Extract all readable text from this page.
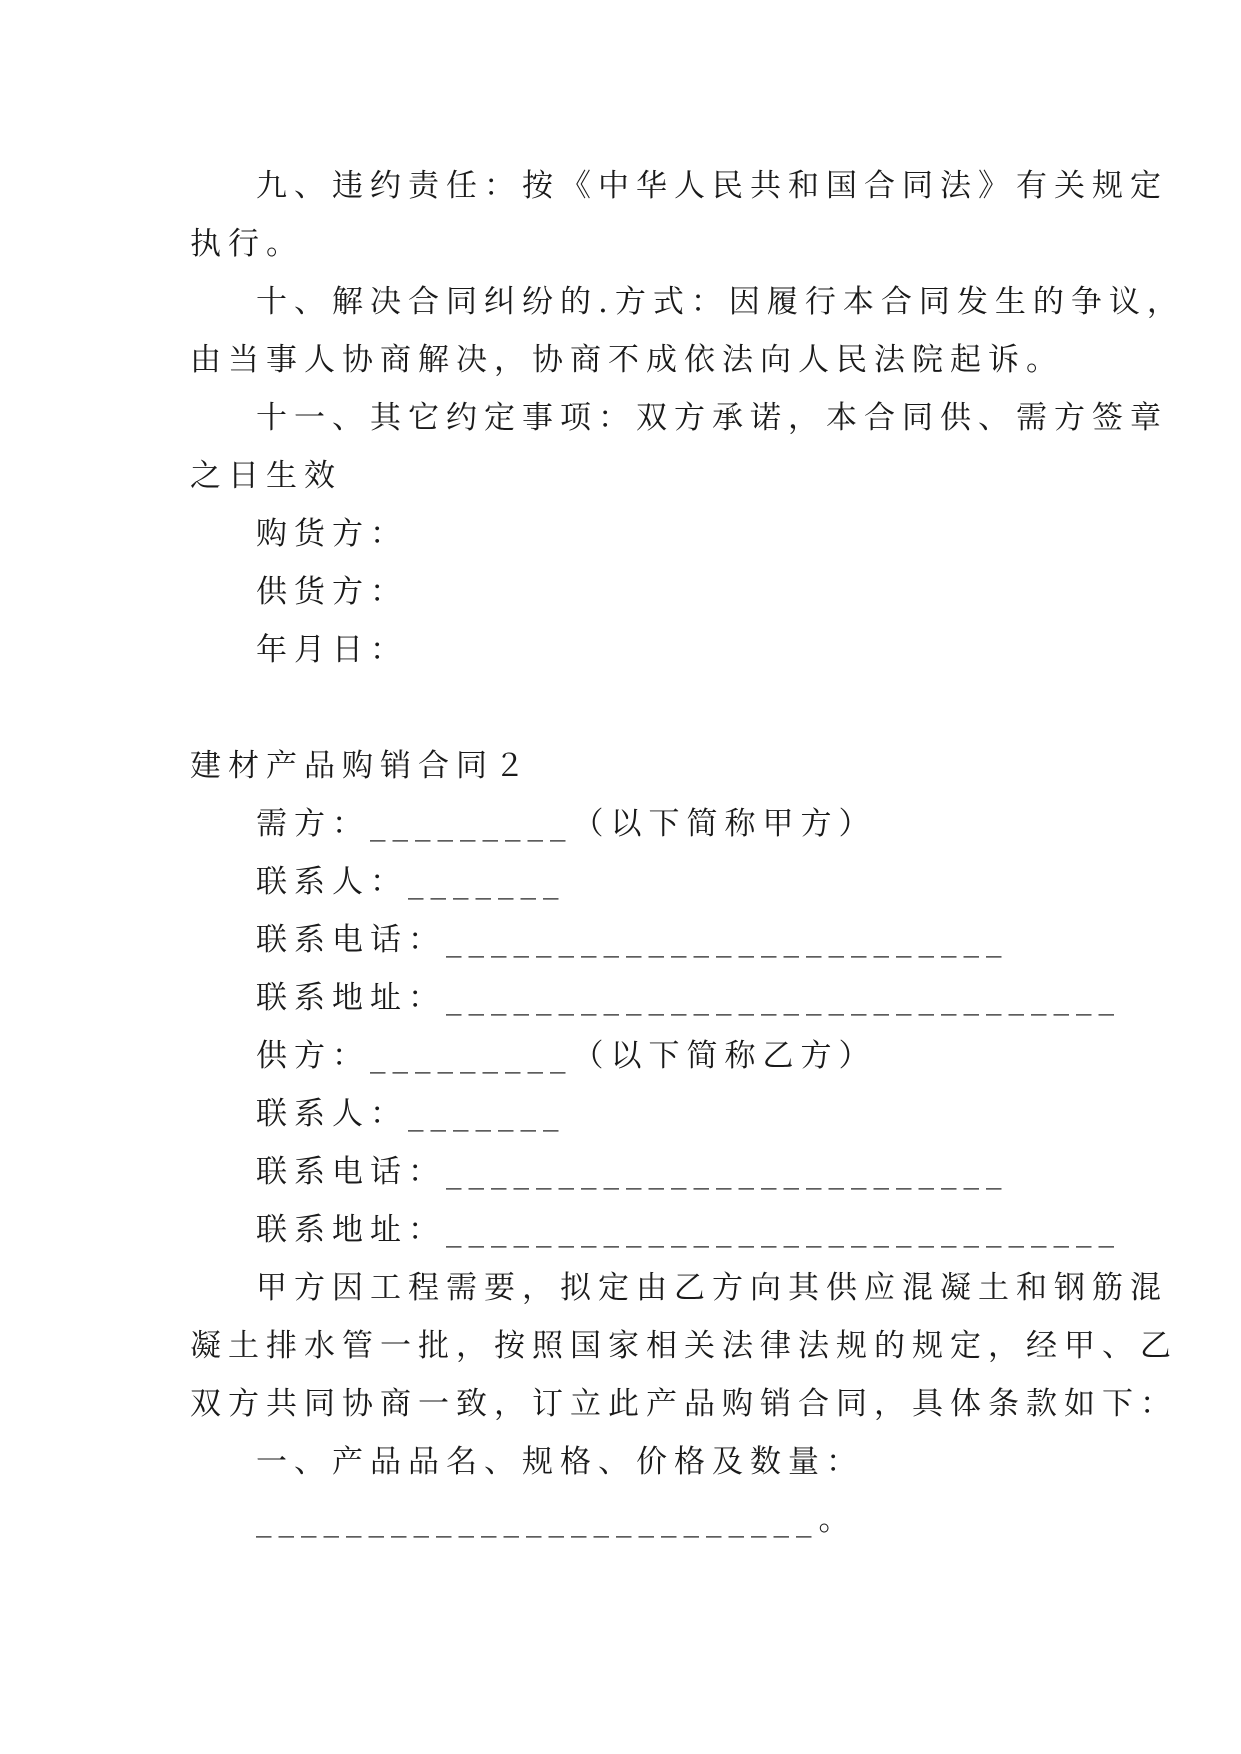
九、违约责任：按《中华人民共和国合同法》有关规定
执行。
十、解决合同纠纷的.方式：因履行本合同发生的争议，
由当事人协商解决，协商不成依法向人民法院起诉。
十一、其它约定事项：双方承诺，本合同供、需方签章
之日生效
购货方：
供货方：
年月日：
建材产品购销合同２
需方：_________（以下简称甲方）
联系人：_______
联系电话：_________________________
联系地址：______________________________
供方：_________（以下简称乙方）
联系人：_______
联系电话：_________________________
联系地址：______________________________
甲方因工程需要，拟定由乙方向其供应混凝土和钢筋混
凝土排水管一批，按照国家相关法律法规的规定，经甲、乙
双方共同协商一致，订立此产品购销合同，具体条款如下：
一、产品品名、规格、价格及数量：
_________________________。
